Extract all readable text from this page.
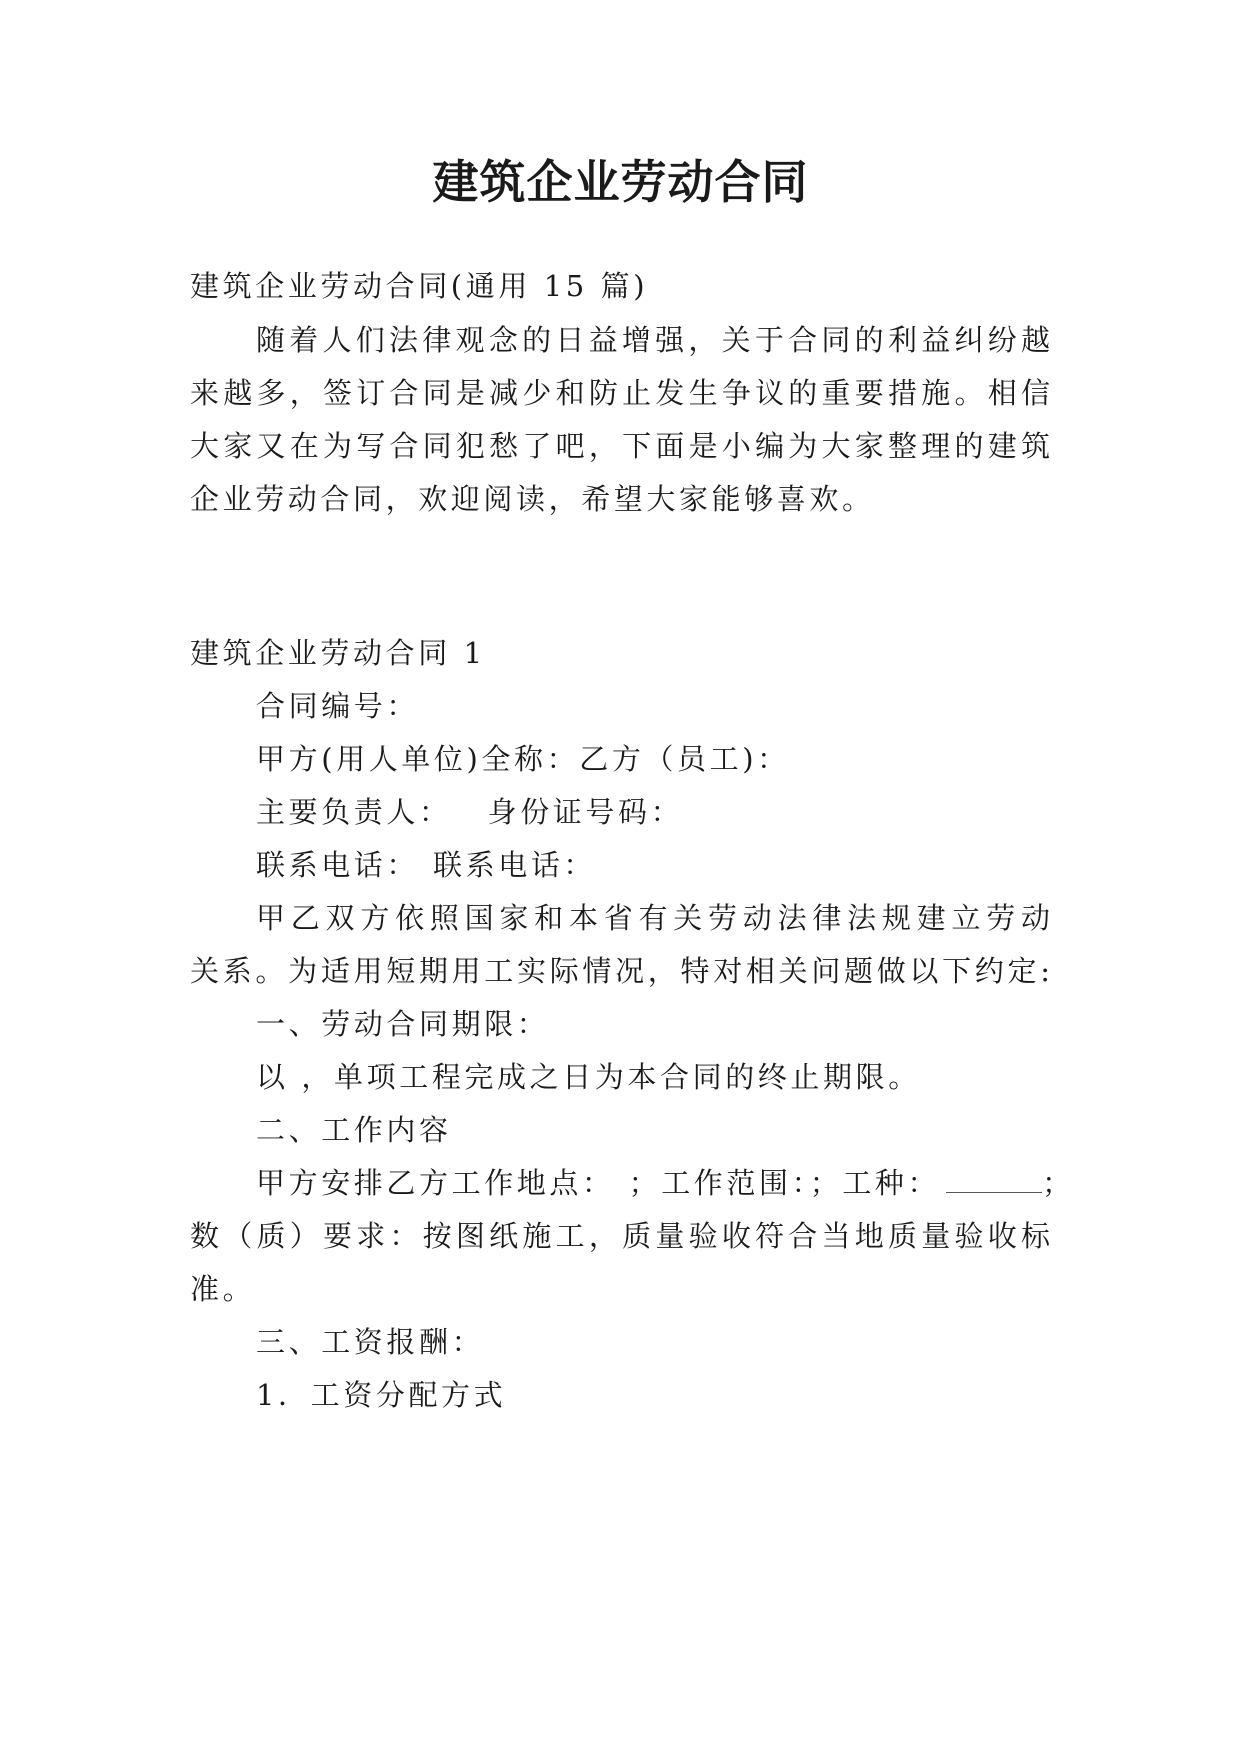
建筑企业劳动合同
建筑企业劳动合同(通用 15 篇)
随着人们法律观念的日益增强，关于合同的利益纠纷越
来越多，签订合同是减少和防止发生争议的重要措施。相信
大家又在为写合同犯愁了吧，下面是小编为大家整理的建筑
企业劳动合同，欢迎阅读，希望大家能够喜欢。
建筑企业劳动合同 1
合同编号：
甲方(用人单位)全称：乙方（员工)：
主要负责人： 身份证号码：
联系电话： 联系电话：
甲乙双方依照国家和本省有关劳动法律法规建立劳动
关系。为适用短期用工实际情况，特对相关问题做以下约定:
一、劳动合同期限：
以 ，单项工程完成之日为本合同的终止期限。
二、工作内容
甲方安排乙方工作地点： ；工作范围：；工种：	；
数（质）要求：按图纸施工，质量验收符合当地质量验收标
准。
三、工资报酬：
1．工资分配方式
